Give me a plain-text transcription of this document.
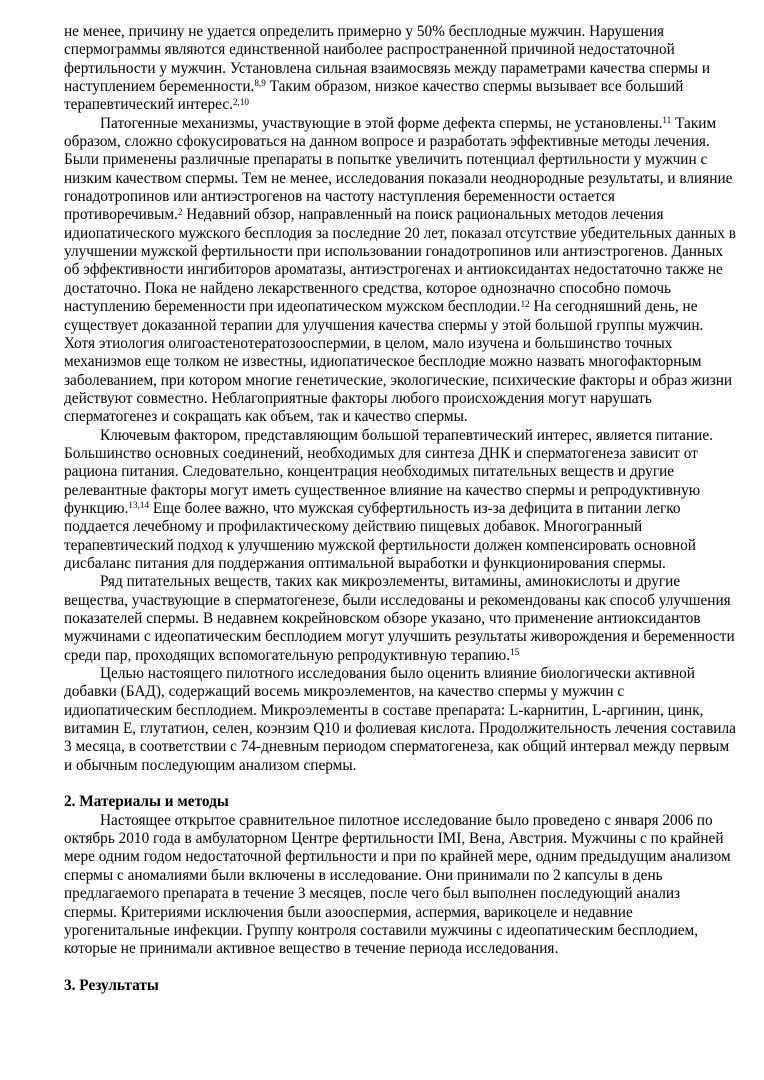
не менее, причину не удается определить примерно у 50% бесплодные мужчин. Нарушения спермограммы являются единственной наиболее распространенной причиной недостаточной фертильности у мужчин. Установлена сильная взаимосвязь между параметрами качества спермы и наступлением беременности.$^{8,9}$ Таким образом, низкое качество спермы вызывает все больший терапевтический интерес.$^{2,10}$

Патогенные механизмы, участвующие в этой форме дефекта спермы, не установлены.$^{11}$ Таким образом, сложно сфокусироваться на данном вопросе и разработать эффективные методы лечения. Были применены различные препараты в попытке увеличить потенциал фертильности у мужчин с низким качеством спермы. Тем не менее, исследования показали неоднородные результаты, и влияние гонадотропинов или антиэстрогенов на частоту наступления беременности остается противоречивым.$^2$ Недавний обзор, направленный на поиск рациональных методов лечения идиопатического мужского бесплодия за последние 20 лет, показал отсутствие убедительных данных в улучшении мужской фертильности при использовании гонадотропинов или антиэстрогенов. Данных об эффективности ингибиторов ароматазы, антиэстрогенах и антиоксидантах недостаточно также не достаточно. Пока не найдено лекарственного средства, которое однозначно способно помочь наступлению беременности при идеопатическом мужском бесплодии.$^{12}$ На сегодняшний день, не существует доказанной терапии для улучшения качества спермы у этой большой группы мужчин.

Хотя этиология олигоастенотератозооспермии, в целом, мало изучена и большинство точных механизмов еще толком не известны, идиопатическое бесплодие можно назвать многофакторным заболеванием, при котором многие генетические, экологические, психические факторы и образ жизни действуют совместно. Неблагоприятные факторы любого происхождения могут нарушать сперматогенез и сокращать как объем, так и качество спермы.

Ключевым фактором, представляющим большой терапевтический интерес, является питание. Большинство основных соединений, необходимых для синтеза ДНК и сперматогенеза зависит от рациона питания. Следовательно, концентрация необходимых питательных веществ и другие релевантные факторы могут иметь существенное влияние на качество спермы и репродуктивную функцию.$^{13,14}$ Еще более важно, что мужская субфертильность из-за дефицита в питании легко поддается лечебному и профилактическому действию пищевых добавок. Многогранный терапевтический подход к улучшению мужской фертильности должен компенсировать основной дисбаланс питания для поддержания оптимальной выработки и функционирования спермы.

Ряд питательных веществ, таких как микроэлементы, витамины, аминокислоты и другие вещества, участвующие в сперматогенезе, были исследованы и рекомендованы как способ улучшения показателей спермы. В недавнем кокрейновском обзоре указано, что применение антиоксидантов мужчинами с идеопатическим бесплодием могут улучшить результаты живорождения и беременности среди пар, проходящих вспомогательную репродуктивную терапию.$^{15}$

Целью настоящего пилотного исследования было оценить влияние биологически активной добавки (БАД), содержащий восемь микроэлементов, на качество спермы у мужчин с идиопатическим бесплодием. Микроэлементы в составе препарата: L-карнитин, L-аргинин, цинк, витамин E, глутатион, селен, коэнзим Q10 и фолиевая кислота. Продолжительность лечения составила 3 месяца, в соответствии с 74-дневным периодом сперматогенеза, как общий интервал между первым и обычным последующим анализом спермы.

2. Материалы и методы

Настоящее открытое сравнительное пилотное исследование было проведено с января 2006 по октябрь 2010 года в амбулаторном Центре фертильности IMI, Вена, Австрия. Мужчины с по крайней мере одним годом недостаточной фертильности и при по крайней мере, одним предыдущим анализом спермы с аномалиями были включены в исследование. Они принимали по 2 капсулы в день предлагаемого препарата в течение 3 месяцев, после чего был выполнен последующий анализ спермы. Критериями исключения были азооспермия, аспермия, варикоцеле и недавние урогенитальные инфекции. Группу контроля составили мужчины с идеопатическим бесплодием, которые не принимали активное вещество в течение периода исследования.

3. Результаты
